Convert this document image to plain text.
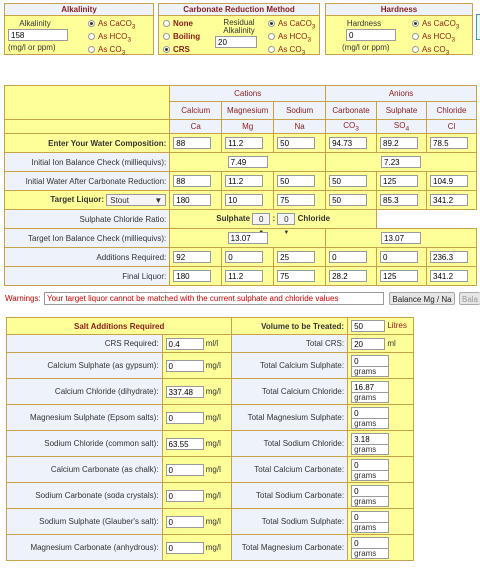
Alkalinity
Alkalinity
158
(mg/l or ppm)
As CaCO$_3$
As $HCO_3$
As $CO_3$
Carbonate Reduction Method
None
Boiling
CRS
Residual
Alkalinity
20
As CaCO$_3$
As $HCO_3$
As $CO_3$
Hardness
Hardness
0
(mg/l or ppm)
As CaCO$_3$
As $HCO_3$
As $CO_3$
	Cations			Anions		
	Calcium	Magnesium	Sodium	Carbonate	Sulphate	Chloride
	Ca	Mg	Na	$CO_3$	$SO_4$	Cl
Enter Your Water Composition:	88	11.2	50	94.73	89.2	78.5
Initial Ion Balance Check (milliequivs):	7.49			7.23		
Initial Water After Carbonate Reduction:	88	11.2	50	50	125	104.9
Target Liquor: Stout ▼	180	10	75	50	85.3	341.2
Sulphate Chloride Ratio:	Sulphate 0 : 0 ▼ Chloride					
Target Ion Balance Check (milliequivs):	13.07			13.07		
Additions Required:	92	0	25	0	0	236.3
Final Liquor:	180	11.2	75	28.2	125	341.2
Warnings: Your target liquor cannot be matched with the current sulphate and chloride values	Balance Mg / Na	Bala
Salt Additions Required		Volume to be Treated:	50 Litres
CRS Required:	0.4 ml/l	Total CRS:	20 ml
Calcium Sulphate (as gypsum):	0 mg/l	Total Calcium Sulphate:	0
grams

Calcium Chloride (dihydrate):	337.48 mg/l	Total Calcium Chloride:	16.87
grams

Magnesium Sulphate (Epsom salts):	0 mg/l	Total Magnesium Sulphate:	0
grams

Sodium Chloride (common salt):	63.55 mg/l	Total Sodium Chloride:	3.18
grams

Calcium Carbonate (as chalk):	0 mg/l	Total Calcium Carbonate:	0
grams

Sodium Carbonate (soda crystals):	0 mg/l	Total Sodium Carbonate:	0
grams

Sodium Sulphate (Glauber's salt):	0 mg/l	Total Sodium Sulphate:	0
grams

Magnesium Carbonate (anhydrous):	0 mg/l	Total Magnesium Carbonate:	0
grams
